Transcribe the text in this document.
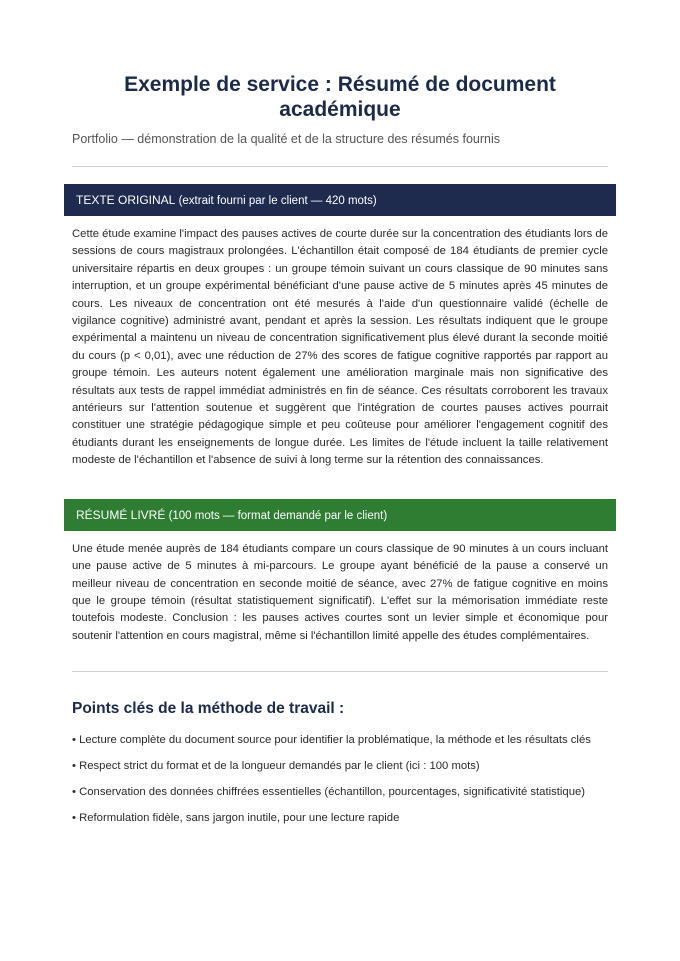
Exemple de service : Résumé de document académique

Portfolio — démonstration de la qualité et de la structure des résumés fournis

TEXTE ORIGINAL (extrait fourni par le client — 420 mots)

Cette étude examine l'impact des pauses actives de courte durée sur la concentration des étudiants lors de sessions de cours magistraux prolongées. L'échantillon était composé de 184 étudiants de premier cycle universitaire répartis en deux groupes : un groupe témoin suivant un cours classique de 90 minutes sans interruption, et un groupe expérimental bénéficiant d'une pause active de 5 minutes après 45 minutes de cours. Les niveaux de concentration ont été mesurés à l'aide d'un questionnaire validé (échelle de vigilance cognitive) administré avant, pendant et après la session. Les résultats indiquent que le groupe expérimental a maintenu un niveau de concentration significativement plus élevé durant la seconde moitié du cours (p < 0,01), avec une réduction de 27% des scores de fatigue cognitive rapportés par rapport au groupe témoin. Les auteurs notent également une amélioration marginale mais non significative des résultats aux tests de rappel immédiat administrés en fin de séance. Ces résultats corroborent les travaux antérieurs sur l'attention soutenue et suggèrent que l'intégration de courtes pauses actives pourrait constituer une stratégie pédagogique simple et peu coûteuse pour améliorer l'engagement cognitif des étudiants durant les enseignements de longue durée. Les limites de l'étude incluent la taille relativement modeste de l'échantillon et l'absence de suivi à long terme sur la rétention des connaissances.

RÉSUMÉ LIVRÉ (100 mots — format demandé par le client)

Une étude menée auprès de 184 étudiants compare un cours classique de 90 minutes à un cours incluant une pause active de 5 minutes à mi-parcours. Le groupe ayant bénéficié de la pause a conservé un meilleur niveau de concentration en seconde moitié de séance, avec 27% de fatigue cognitive en moins que le groupe témoin (résultat statistiquement significatif). L'effet sur la mémorisation immédiate reste toutefois modeste. Conclusion : les pauses actives courtes sont un levier simple et économique pour soutenir l'attention en cours magistral, même si l'échantillon limité appelle des études complémentaires.

Points clés de la méthode de travail :
• Lecture complète du document source pour identifier la problématique, la méthode et les résultats clés
• Respect strict du format et de la longueur demandés par le client (ici : 100 mots)
• Conservation des données chiffrées essentielles (échantillon, pourcentages, significativité statistique)
• Reformulation fidèle, sans jargon inutile, pour une lecture rapide
